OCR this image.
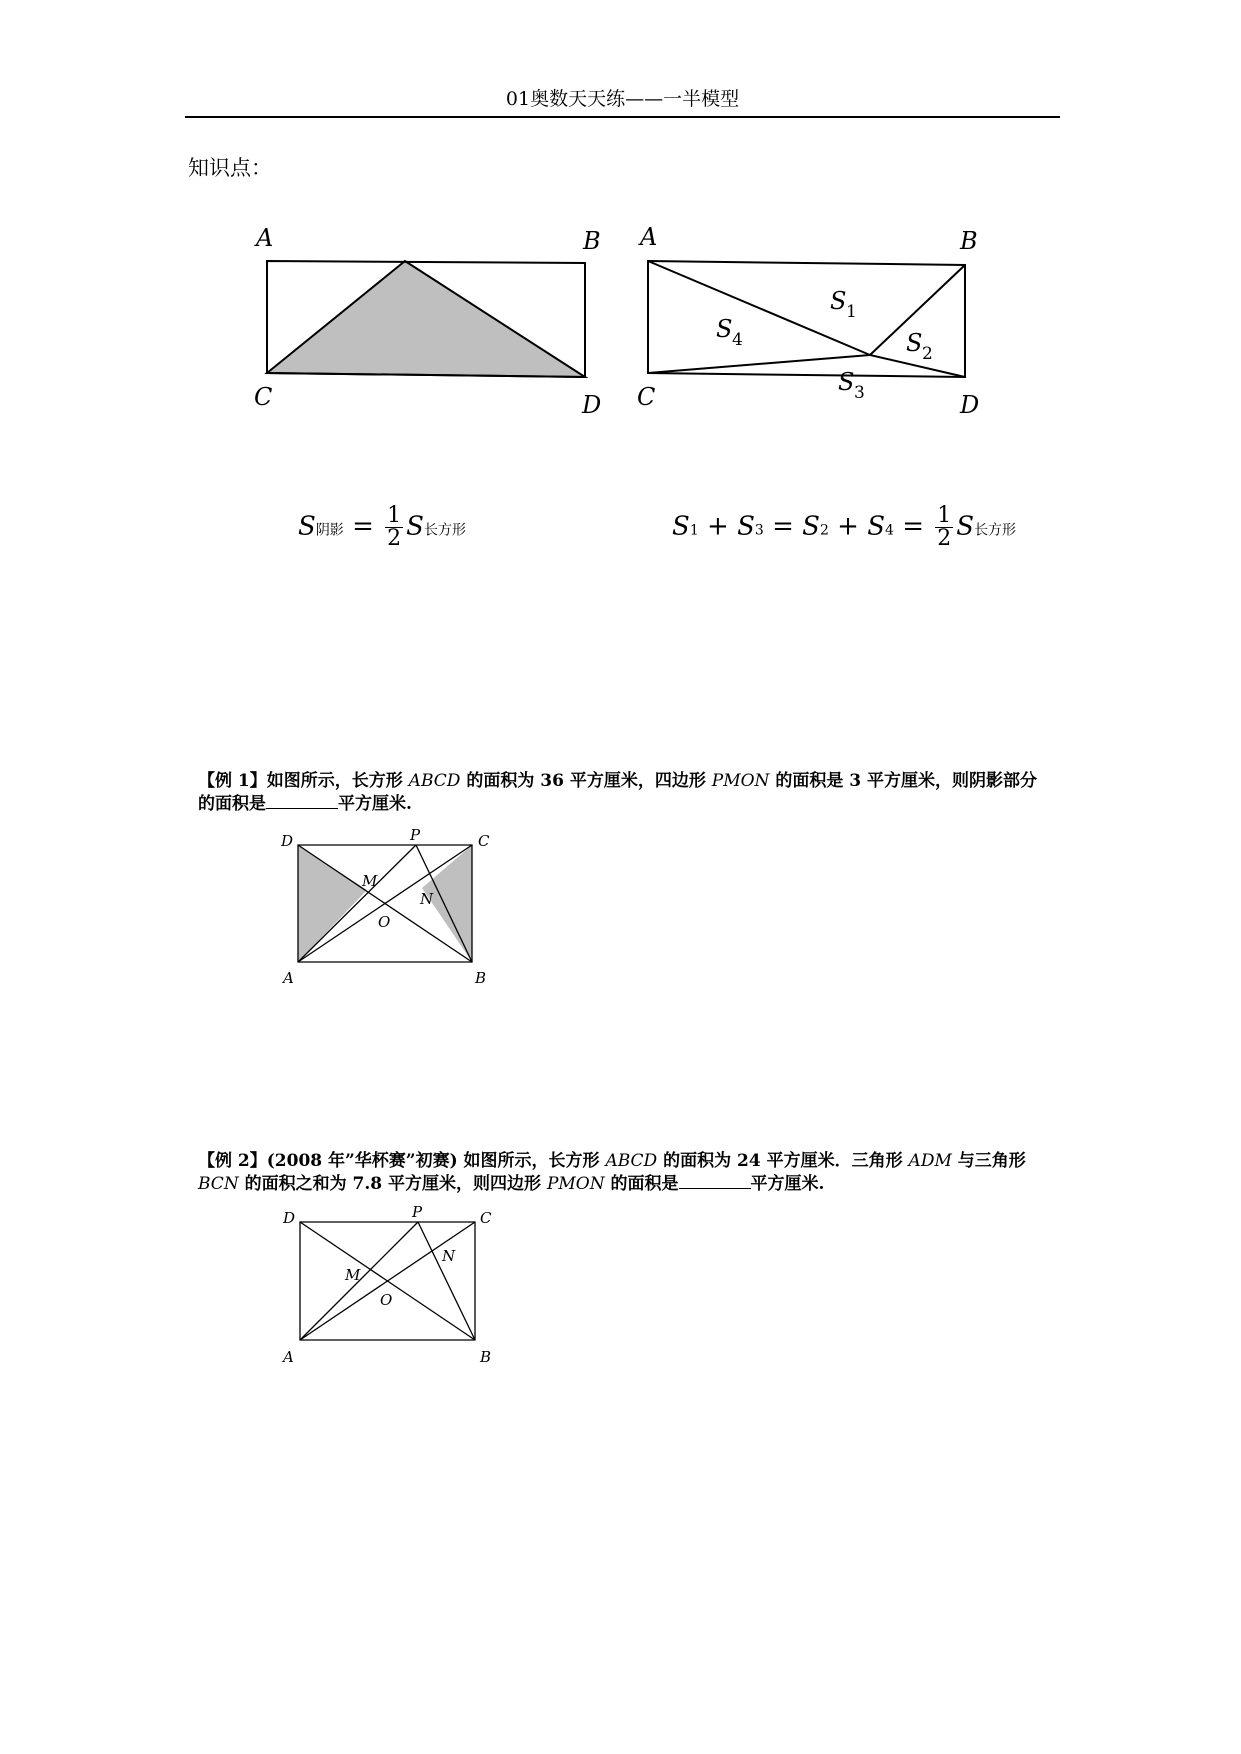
01奥数天天练——一半模型
知识点：
A	B
C	D
A	B
C	D
S 1
S 2
S 3
S 4
S阴影 = $\frac{1}{2}$ S长方形	$S1 + S3 = S2 + S4 = \frac{1}{2}$ S长方形
【例 1】如图所示，长方形 ABCD 的面积为 36 平方厘米，四边形 PMON 的面积是 3 平方厘米，则阴影部分的面积是	平方厘米.
D	P	C
M
N
O
A	B
【例 2】(2008 年”华杯赛”初赛) 如图所示，长方形 ABCD 的面积为 24 平方厘米．三角形 ADM 与三角形 BCN 的面积之和为 7.8 平方厘米，则四边形 PMON 的面积是	平方厘米.
D	P	C
M
N
O
A	B
